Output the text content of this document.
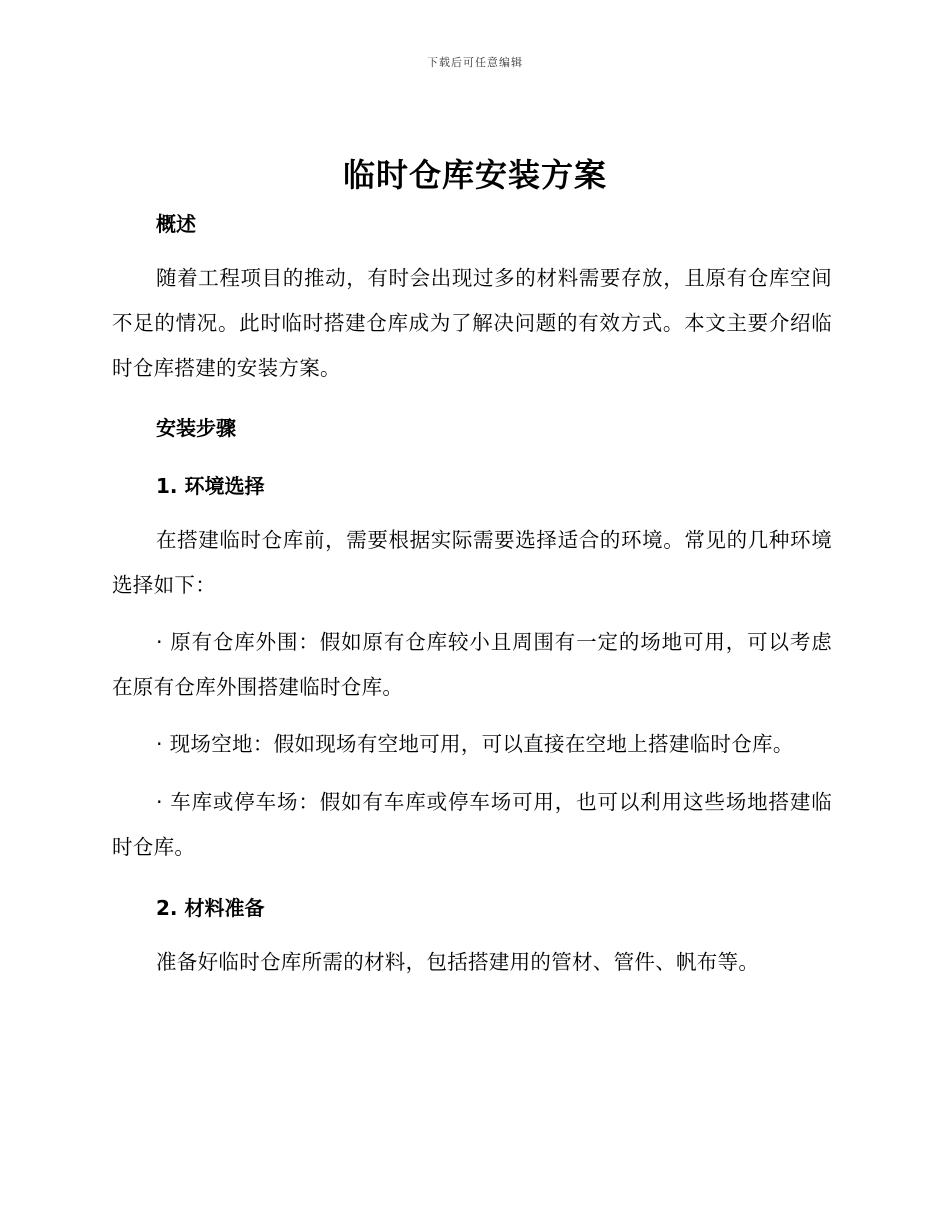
下载后可任意编辑
临时仓库安装方案
概述

随着工程项目的推动，有时会出现过多的材料需要存放，且原有仓库空间不足的情况。此时临时搭建仓库成为了解决问题的有效方式。本文主要介绍临时仓库搭建的安装方案。

安装步骤
1. 环境选择

在搭建临时仓库前，需要根据实际需要选择适合的环境。常见的几种环境选择如下：

· 原有仓库外围：假如原有仓库较小且周围有一定的场地可用，可以考虑在原有仓库外围搭建临时仓库。

· 现场空地：假如现场有空地可用，可以直接在空地上搭建临时仓库。

· 车库或停车场：假如有车库或停车场可用，也可以利用这些场地搭建临时仓库。

2. 材料准备

准备好临时仓库所需的材料，包括搭建用的管材、管件、帆布等。
